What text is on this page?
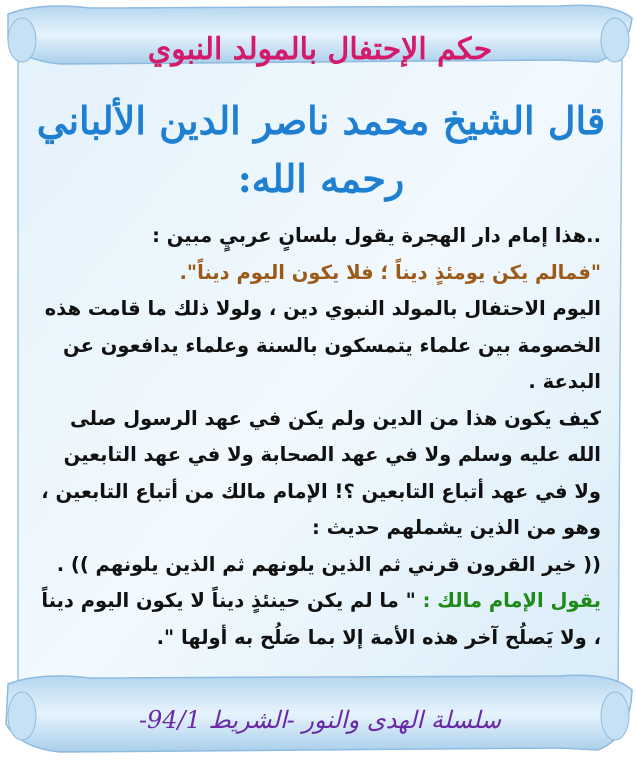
حكم الإحتفال بالمولد النبوي
قال الشيخ محمد ناصر الدين الألباني رحمه الله:

..هذا إمام دار الهجرة يقول بلسانٍ عربيٍ مبين :

"فمالم يكن يومئذٍ ديناً ؛ فلا يكون اليوم ديناً".

اليوم الاحتفال بالمولد النبوي دين ، ولولا ذلك ما قامت هذه الخصومة بين علماء يتمسكون بالسنة وعلماء يدافعون عن البدعة .

كيف يكون هذا من الدين ولم يكن في عهد الرسول صلى الله عليه وسلم ولا في عهد الصحابة ولا في عهد التابعين ولا في عهد أتباع التابعين ؟! الإمام مالك من أتباع التابعين ، وهو من الذين يشملهم حديث :

(( خير القرون قرني ثم الذين يلونهم ثم الذين يلونهم )) .

يقول الإمام مالك : " ما لم يكن حينئذٍ ديناً لا يكون اليوم ديناً ، ولا يَصلُح آخر هذه الأمة إلا بما صَلُح به أولها ".

سلسلة الهدى والنور -الشريط 94/1-
